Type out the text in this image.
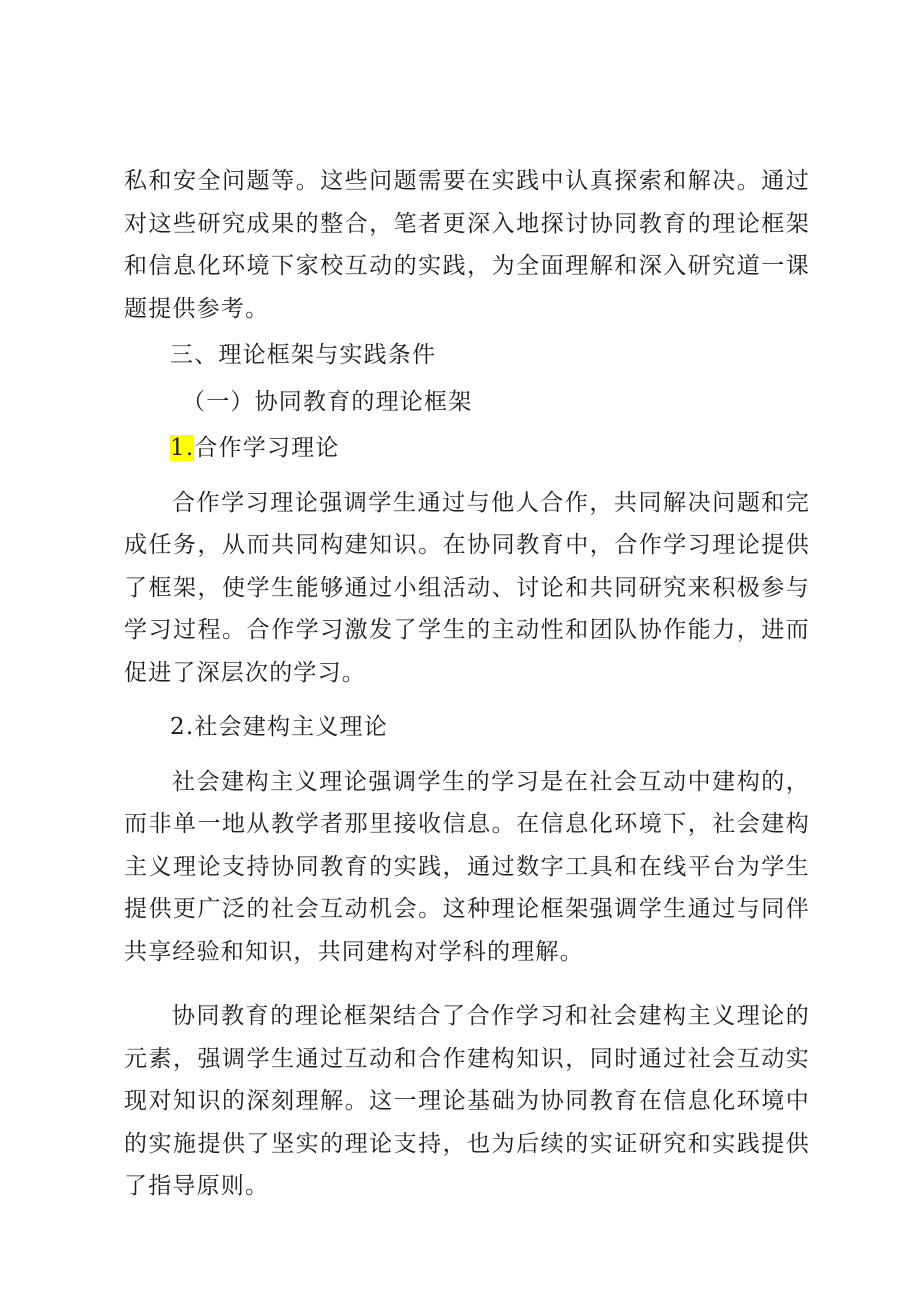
私和安全问题等。这些问题需要在实践中认真探索和解决。通过对这些研究成果的整合，笔者更深入地探讨协同教育的理论框架和信息化环境下家校互动的实践，为全面理解和深入研究道一课题提供参考。

三、理论框架与实践条件

（一）协同教育的理论框架

1.合作学习理论

合作学习理论强调学生通过与他人合作，共同解决问题和完成任务，从而共同构建知识。在协同教育中，合作学习理论提供了框架，使学生能够通过小组活动、讨论和共同研究来积极参与学习过程。合作学习激发了学生的主动性和团队协作能力，进而促进了深层次的学习。

2.社会建构主义理论

社会建构主义理论强调学生的学习是在社会互动中建构的，而非单一地从教学者那里接收信息。在信息化环境下，社会建构主义理论支持协同教育的实践，通过数字工具和在线平台为学生提供更广泛的社会互动机会。这种理论框架强调学生通过与同伴共享经验和知识，共同建构对学科的理解。

协同教育的理论框架结合了合作学习和社会建构主义理论的元素，强调学生通过互动和合作建构知识，同时通过社会互动实现对知识的深刻理解。这一理论基础为协同教育在信息化环境中的实施提供了坚实的理论支持，也为后续的实证研究和实践提供了指导原则。
